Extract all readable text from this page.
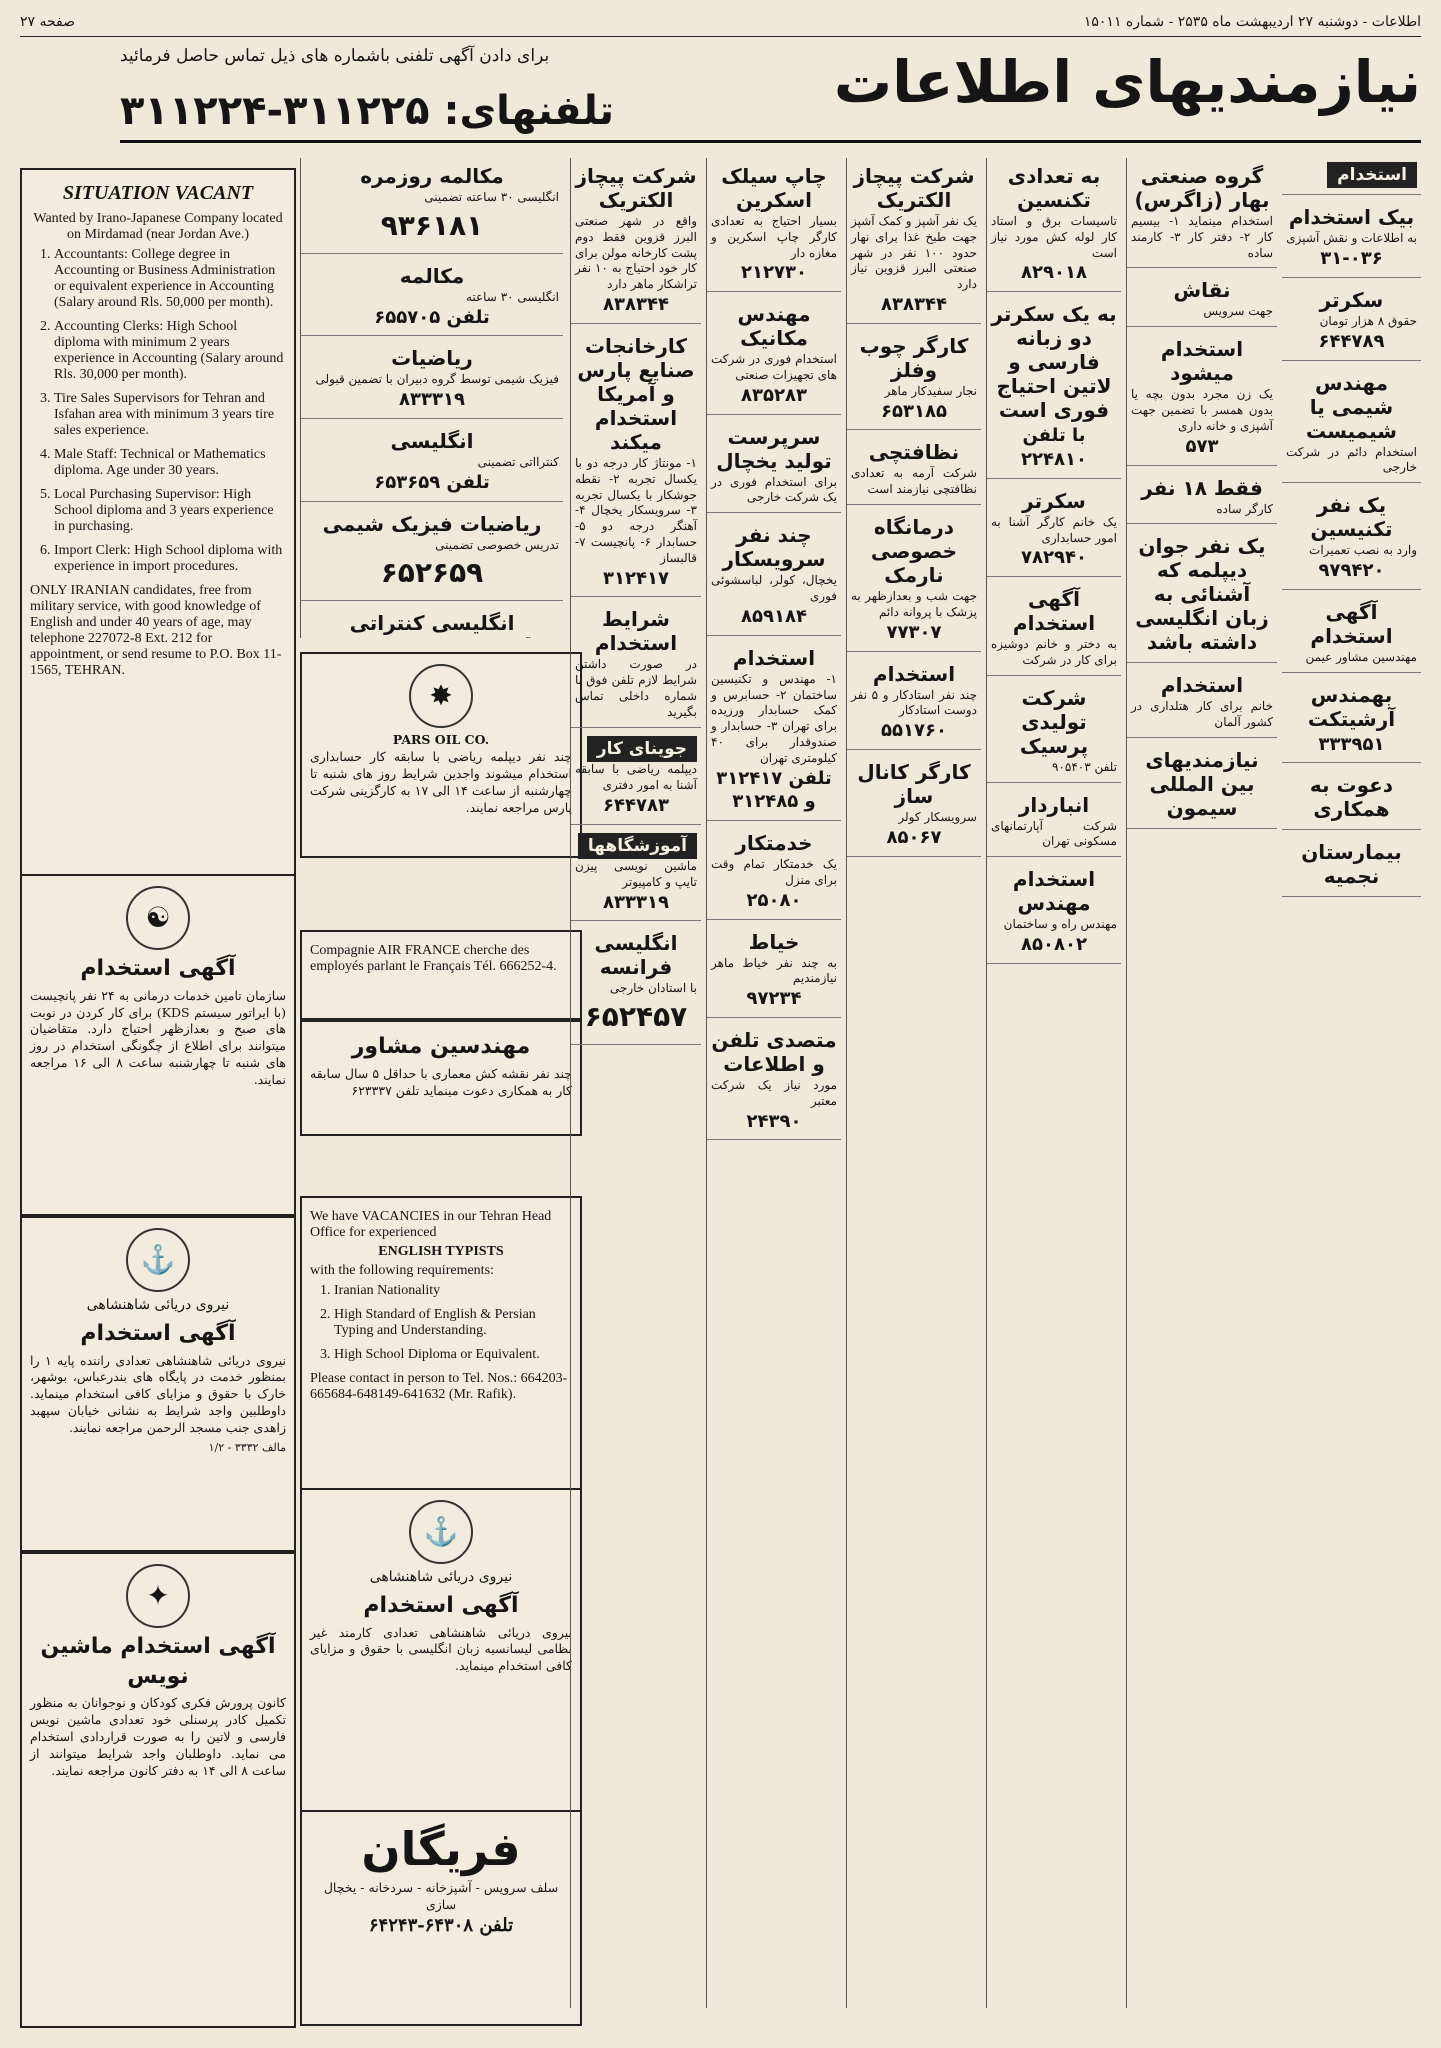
اطلاعات - دوشنبه ۲۷ اردیبهشت ماه ۲۵۳۵ - شماره ۱۵۰۱۱
صفحه ۲۷
نیازمندیهای اطلاعات
برای دادن آگهی تلفنی باشماره های ذیل تماس حاصل فرمائید
تلفنهای: ۳۱۱۲۲۵-۳۱۱۲۲۴
SITUATION VACANT

Wanted by Irano-Japanese Company located on Mirdamad (near Jordan Ave.)

1. Accountants: College degree in Accounting or Business Administration or equivalent experience in Accounting (Salary around Rls. 50,000 per month).
2. Accounting Clerks: High School diploma with minimum 2 years experience in Accounting (Salary around Rls. 30,000 per month).
3. Tire Sales Supervisors for Tehran and Isfahan area with minimum 3 years tire sales experience.
4. Male Staff: Technical or Mathematics diploma. Age under 30 years.
5. Local Purchasing Supervisor: High School diploma and 3 years experience in purchasing.
6. Import Clerk: High School diploma with experience in import procedures.

ONLY IRANIAN candidates, free from military service, with good knowledge of English and under 40 years of age, may telephone 227072-8 Ext. 212 for appointment, or send resume to P.O. Box 11-1565, TEHRAN.

☯
آگهی استخدام
سازمان تامین خدمات درمانی به ۲۴ نفر پانچیست (با ایراتور سیستم KDS) برای کار کردن در نوبت های صبح و بعدازظهر احتیاج دارد. متقاضیان میتوانند برای اطلاع از چگونگی استخدام در روز های شنبه تا چهارشنبه ساعت ۸ الی ۱۶ مراجعه نمایند.
⚓
نیروی دریائی شاهنشاهی
آگهی استخدام
نیروی دریائی شاهنشاهی تعدادی راننده پایه ۱ را بمنظور خدمت در پایگاه های بندرعباس، بوشهر، خارک با حقوق و مزایای کافی استخدام مینماید. داوطلبین واجد شرایط به نشانی خیابان سپهبد زاهدی جنب مسجد الرحمن مراجعه نمایند.
مالف ۳۳۳۲ - ۱/۲
✦
آگهی استخدام ماشین نویس
کانون پرورش فکری کودکان و نوجوانان به منظور تکمیل کادر پرسنلی خود تعدادی ماشین نویس فارسی و لاتین را به صورت قراردادی استخدام می نماید. داوطلبان واجد شرایط میتوانند از ساعت ۸ الی ۱۴ به دفتر کانون مراجعه نمایند.
✸
PARS OIL CO.
چند نفر دیپلمه ریاضی با سابقه کار حسابداری استخدام میشوند واجدین شرایط روز های شنبه تا چهارشنبه از ساعت ۱۴ الی ۱۷ به کارگزینی شرکت پارس مراجعه نمایند.

Compagnie AIR FRANCE cherche des employés parlant le Français Tél. 666252-4.

مهندسین مشاور
چند نفر نقشه کش معماری با حداقل ۵ سال سابقه کار به همکاری دعوت مینماید تلفن ۶۲۳۳۳۷

We have VACANCIES in our Tehran Head Office for experienced

ENGLISH TYPISTS

with the following requirements:

1. Iranian Nationality
2. High Standard of English & Persian Typing and Understanding.
3. High School Diploma or Equivalent.

Please contact in person to Tel. Nos.: 664203-665684-648149-641632 (Mr. Rafik).

⚓
نیروی دریائی شاهنشاهی
آگهی استخدام
نیروی دریائی شاهنشاهی تعدادی کارمند غیر نظامی لیسانسیه زبان انگلیسی با حقوق و مزایای کافی استخدام مینماید.
فریگان
سلف سرویس - آشپزخانه - سردخانه - یخچال سازی
تلفن ۶۴۳۰۸-۶۴۲۴۳
مکالمه روزمره
انگلیسی ۳۰ ساعته تضمینی
۹۳۶۱۸۱
مکالمه
انگلیسی ۳۰ ساعته
تلفن ۶۵۵۷۰۵
ریاضیات
فیزیک شیمی توسط گروه دبیران با تضمین قبولی
۸۳۳۳۱۹
انگلیسی
کنترااتی تضمینی
تلفن ۶۵۳۶۵۹
ریاضیات فیزیک شیمی
تدریس خصوصی تضمینی
۶۵۲۶۵۹
انگلیسی کنتراتی
شرکت پیچاز الکتریک
واقع در شهر صنعتی البرز قزوین فقط دوم پشت کارخانه مولن برای کار خود احتیاج به ۱۰ نفر تراشکار ماهر دارد
۸۳۸۳۴۴
کارخانجات صنایع پارس و آمریکا استخدام میکند
۱- مونتاژ کار درجه دو با یکسال تجربه ۲- نقطه جوشکار با یکسال تجربه ۳- سرویسکار یخچال ۴- آهنگر درجه دو ۵- حسابدار ۶- پانچیست ۷- قالبساز
۳۱۲۴۱۷
شرایط استخدام
در صورت داشتن شرایط لازم تلفن فوق با شماره داخلی تماس بگیرید
جوینای کار
دیپلمه ریاضی با سابقه آشنا به امور دفتری
۶۴۴۷۸۳
آموزشگاهها
ماشین نویسی پیزن تایپ و کامپیوتر
۸۳۳۳۱۹
انگلیسی فرانسه
با استادان خارجی
۶۵۲۴۵۷
چاپ سیلک اسکرین
بسیار احتیاج به تعدادی کارگر چاپ اسکرین و مغازه دار
۲۱۲۷۳۰
مهندس مکانیک
استخدام فوری در شرکت های تجهیزات صنعتی
۸۳۵۲۸۳
سرپرست تولید یخچال
برای استخدام فوری در یک شرکت خارجی
چند نفر سرویسکار
یخچال، کولر، لباسشوئی فوری
۸۵۹۱۸۴
استخدام
۱- مهندس و تکنیسین ساختمان ۲- حسابرس و کمک حسابدار ورزیده برای تهران ۳- حسابدار و صندوقدار برای ۴۰ کیلومتری تهران
تلفن ۳۱۲۴۱۷ و ۳۱۲۴۸۵
خدمتکار
یک خدمتکار تمام وقت برای منزل
۲۵۰۸۰
خیاط
به چند نفر خیاط ماهر نیازمندیم
۹۷۲۳۴
متصدی تلفن و اطلاعات
مورد نیاز یک شرکت معتبر
۲۴۳۹۰
شرکت پیچاز الکتریک
یک نفر آشپز و کمک آشپز جهت طبخ غذا برای نهار حدود ۱۰۰ نفر در شهر صنعتی البرز قزوین نیاز دارد
۸۳۸۳۴۴
کارگر چوب وفلز
نجار سفیدکار ماهر
۶۵۳۱۸۵
نظافتچی
شرکت آرمه به تعدادی نظافتچی نیازمند است
درمانگاه خصوصی نارمک
جهت شب و بعدازظهر به پزشک با پروانه دائم
۷۷۳۰۷
استخدام
چند نفر استادکار و ۵ نفر دوست استادکار
۵۵۱۷۶۰
کارگر کانال ساز
سرویسکار کولر
۸۵۰۶۷
به تعدادی تکنسین
تاسیسات برق و استاد کار لوله کش مورد نیاز است
۸۲۹۰۱۸
به یک سکرتر دو زبانه فارسی و لاتین احتیاج فوری است
با تلفن ۲۲۴۸۱۰
سکرتر
یک خانم کارگر آشنا به امور حسابداری
۷۸۲۹۴۰
آگهی استخدام
به دختر و خانم دوشیزه برای کار در شرکت
شرکت تولیدی پرسیک
تلفن ۹۰۵۴۰۳
انباردار
شرکت آپارتمانهای مسکونی تهران
استخدام مهندس
مهندس راه و ساختمان
۸۵۰۸۰۲
گروه صنعتی بهار (زاگرس)
استخدام مینماید ۱- بیسیم کار ۲- دفتر کار ۳- کارمند ساده
نقاش
جهت سرویس
استخدام میشود
یک زن مجرد بدون بچه یا بدون همسر با تضمین جهت آشپزی و خانه داری
۵۷۳
فقط ۱۸ نفر
کارگر ساده
یک نفر جوان دیپلمه که آشنائی به زبان انگلیسی داشته باشد
استخدام
خانم برای کار هتلداری در کشور آلمان
نیازمندیهای بین المللی سیمون
استخدام
بیک استخدام
به اطلاعات و نقش آشپزی
۳۱-۰۳۶
سکرتر
حقوق ۸ هزار تومان
۶۴۴۷۸۹
مهندس شیمی یا شیمیست
استخدام دائم در شرکت خارجی
یک نفر تکنیسین
وارد به نصب تعمیرات
۹۷۹۴۲۰
آگهی استخدام
مهندسین مشاور عیمن
بهمندس آرشیتکت
۳۳۳۹۵۱
دعوت به همکاری
بیمارستان نجمیه
